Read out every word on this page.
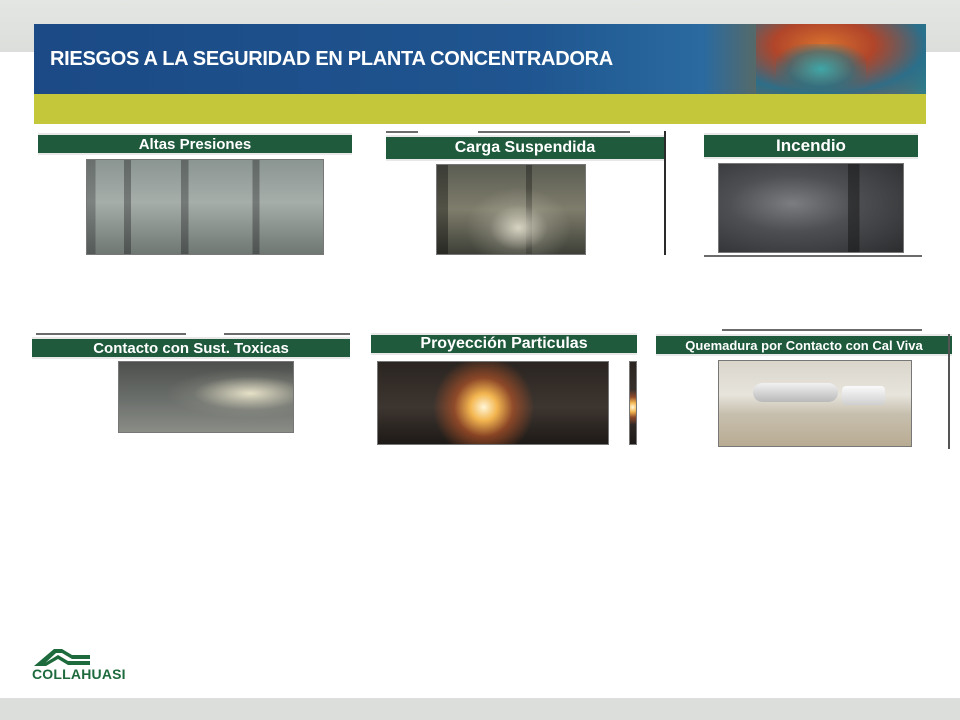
RIESGOS A LA SEGURIDAD EN PLANTA CONCENTRADORA
Altas Presiones	Carga Suspendida	Incendio
Contacto con Sust. Toxicas	Proyección Particulas	Quemadura por Contacto con Cal Viva
COLLAHUASI
